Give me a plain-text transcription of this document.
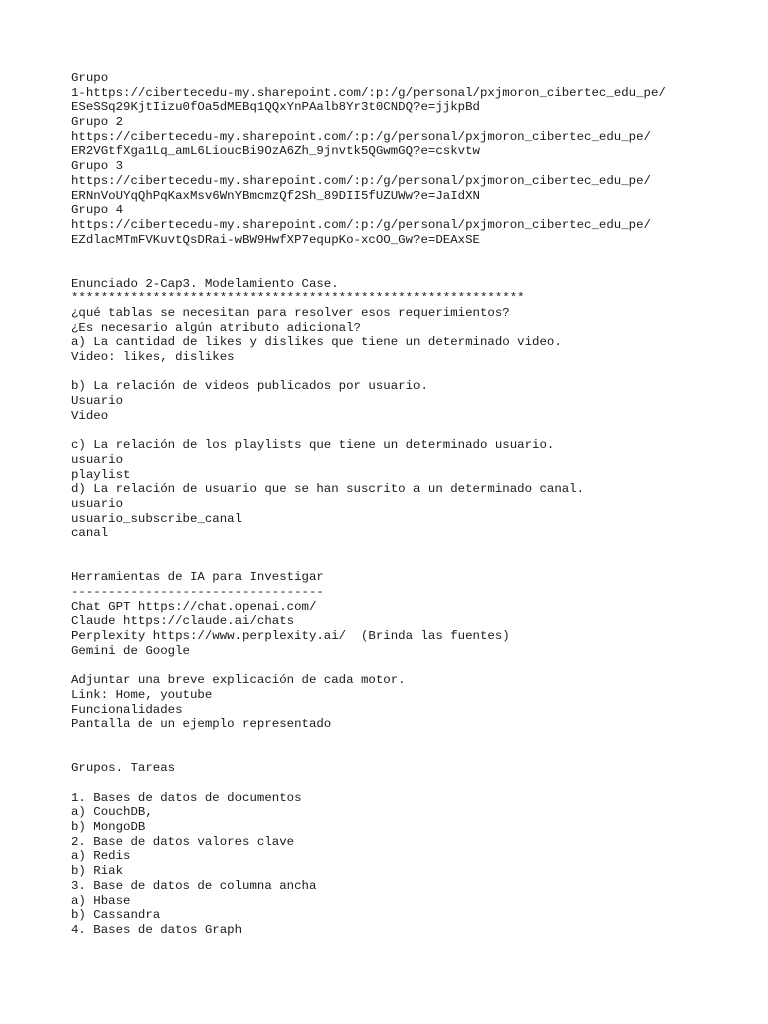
Grupo
1-https://cibertecedu-my.sharepoint.com/:p:/g/personal/pxjmoron_cibertec_edu_pe/
ESeSSq29KjtIizu0fOa5dMEBq1QQxYnPAalb8Yr3t0CNDQ?e=jjkpBd
Grupo 2
https://cibertecedu-my.sharepoint.com/:p:/g/personal/pxjmoron_cibertec_edu_pe/
ER2VGtfXga1Lq_amL6LioucBi9OzA6Zh_9jnvtk5QGwmGQ?e=cskvtw
Grupo 3
https://cibertecedu-my.sharepoint.com/:p:/g/personal/pxjmoron_cibertec_edu_pe/
ERNnVoUYqQhPqKaxMsv6WnYBmcmzQf2Sh_89DII5fUZUWw?e=JaIdXN
Grupo 4
https://cibertecedu-my.sharepoint.com/:p:/g/personal/pxjmoron_cibertec_edu_pe/
EZdlacMTmFVKuvtQsDRai-wBW9HwfXP7equpKo-xcOO_Gw?e=DEAxSE
Enunciado 2-Cap3. Modelamiento Case.
*************************************************************
¿qué tablas se necesitan para resolver esos requerimientos?
¿Es necesario algún atributo adicional?
a) La cantidad de likes y dislikes que tiene un determinado video.
Video: likes, dislikes
b) La relación de videos publicados por usuario.
Usuario
Video
c) La relación de los playlists que tiene un determinado usuario.
usuario
playlist
d) La relación de usuario que se han suscrito a un determinado canal.
usuario
usuario_subscribe_canal
canal
Herramientas de IA para Investigar
----------------------------------
Chat GPT https://chat.openai.com/
Claude https://claude.ai/chats
Perplexity https://www.perplexity.ai/  (Brinda las fuentes)
Gemini de Google
Adjuntar una breve explicación de cada motor.
Link: Home, youtube
Funcionalidades
Pantalla de un ejemplo representado
Grupos. Tareas
1. Bases de datos de documentos
a) CouchDB,
b) MongoDB
2. Base de datos valores clave
a) Redis
b) Riak
3. Base de datos de columna ancha
a) Hbase
b) Cassandra
4. Bases de datos Graph
